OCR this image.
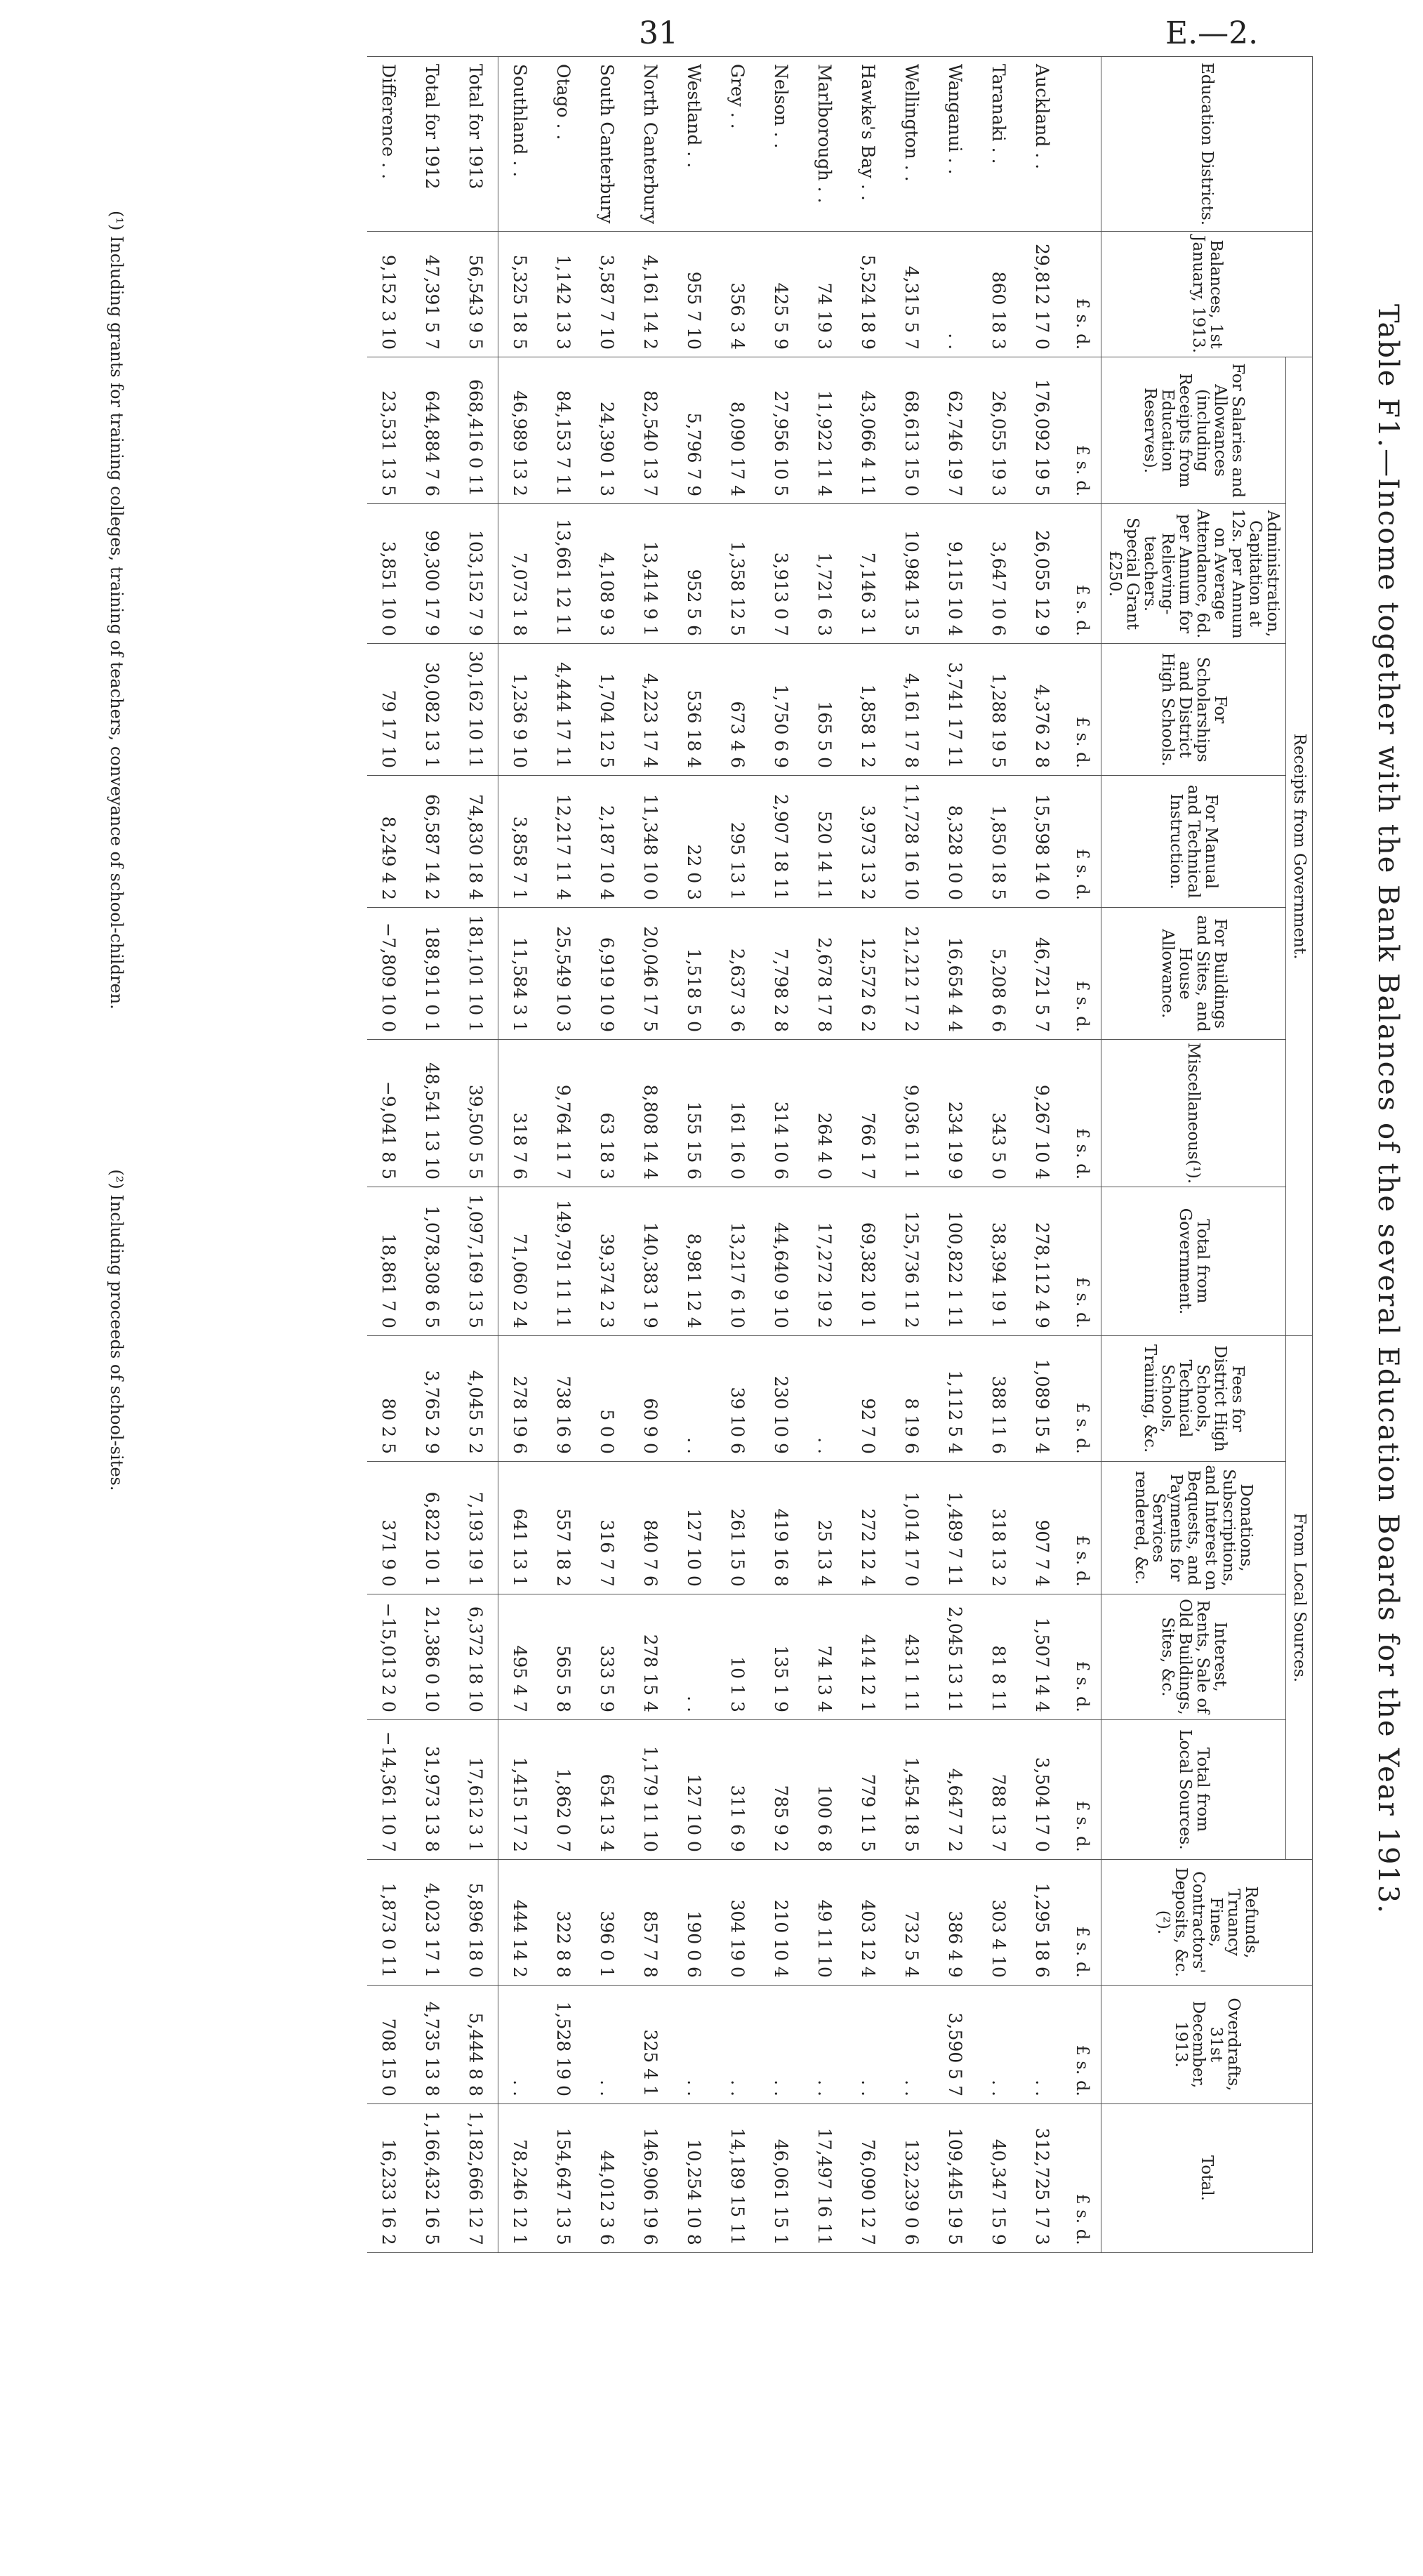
31	E.—2.
Table F1.—Income together with the Bank Balances of the several Education Boards for the Year 1913.
Education Districts.	Balances, 1st January, 1913.	Receipts from Government.							From Local Sources.				Refunds, Truancy Fines, Contractors' Deposits, &c.(²).	Overdrafts, 31st December, 1913.	Total.
		For Salaries and Allowances (including Receipts from Education Reserves).	Administration, Capitation at 12s. per Annum on Average Attendance, 6d. per Annum for Relieving-teachers. Special Grant £250.	For Scholarships and District High Schools.	For Manual and Technical Instruction.	For Buildings and Sites, and House Allowance.	Miscellaneous(¹).	Total from Government.	Fees for District High Schools, Technical Schools, Training, &c.	Donations, Subscriptions, and Interest on Bequests, and Payments for Services rendered, &c.	Interest, Rents, Sale of Old Buildings, Sites, &c.	Total from Local Sources.			
	£ s. d.	£ s. d.	£ s. d.	£ s. d.	£ s. d.	£ s. d.	£ s. d.	£ s. d.	£ s. d.	£ s. d.	£ s. d.	£ s. d.	£ s. d.	£ s. d.	£ s. d.
Auckland . .	29,812 17 0	176,092 19 5	26,055 12 9	4,376 2 8	15,598 14 0	46,721 5 7	9,267 10 4	278,112 4 9	1,089 15 4	907 7 4	1,507 14 4	3,504 17 0	1,295 18 6	. .	312,725 17 3
Taranaki . .	860 18 3	26,055 19 3	3,647 10 6	1,288 19 5	1,850 18 5	5,208 6 6	343 5 0	38,394 19 1	388 11 6	318 13 2	81 8 11	788 13 7	303 4 10	. .	40,347 15 9
Wanganui . .	. .	62,746 19 7	9,115 10 4	3,741 17 11	8,328 10 0	16,654 4 4	234 19 9	100,822 1 11	1,112 5 4	1,489 7 11	2,045 13 11	4,647 7 2	386 4 9	3,590 5 7	109,445 19 5
Wellington . .	4,315 5 7	68,613 15 0	10,984 13 5	4,161 17 8	11,728 16 10	21,212 17 2	9,036 11 1	125,736 11 2	8 19 6	1,014 17 0	431 1 11	1,454 18 5	732 5 4	. .	132,239 0 6
Hawke's Bay . .	5,524 18 9	43,066 4 11	7,146 3 1	1,858 1 2	3,973 13 2	12,572 6 2	766 1 7	69,382 10 1	92 7 0	272 12 4	414 12 1	779 11 5	403 12 4	. .	76,090 12 7
Marlborough . .	74 19 3	11,922 11 4	1,721 6 3	165 5 0	520 14 11	2,678 17 8	264 4 0	17,272 19 2	. .	25 13 4	74 13 4	100 6 8	49 11 10	. .	17,497 16 11
Nelson . .	425 5 9	27,956 10 5	3,913 0 7	1,750 6 9	2,907 18 11	7,798 2 8	314 10 6	44,640 9 10	230 10 9	419 16 8	135 1 9	785 9 2	210 10 4	. .	46,061 15 1
Grey . .	356 3 4	8,090 17 4	1,358 12 5	673 4 6	295 13 1	2,637 3 6	161 16 0	13,217 6 10	39 10 6	261 15 0	10 1 3	311 6 9	304 19 0	. .	14,189 15 11
Westland . .	955 7 10	5,796 7 9	952 5 6	536 18 4	22 0 3	1,518 5 0	155 15 6	8,981 12 4	. .	127 10 0	. .	127 10 0	190 0 6	. .	10,254 10 8
North Canterbury	4,161 14 2	82,540 13 7	13,414 9 1	4,223 17 4	11,348 10 0	20,046 17 5	8,808 14 4	140,383 1 9	60 9 0	840 7 6	278 15 4	1,179 11 10	857 7 8	325 4 1	146,906 19 6
South Canterbury	3,587 7 10	24,390 1 3	4,108 9 3	1,704 12 5	2,187 10 4	6,919 10 9	63 18 3	39,374 2 3	5 0 0	316 7 7	333 5 9	654 13 4	396 0 1	. .	44,012 3 6
Otago . .	1,142 13 3	84,153 7 11	13,661 12 11	4,444 17 11	12,217 11 4	25,549 10 3	9,764 11 7	149,791 11 11	738 16 9	557 18 2	565 5 8	1,862 0 7	322 8 8	1,528 19 0	154,647 13 5
Southland . .	5,325 18 5	46,989 13 2	7,073 1 8	1,236 9 10	3,858 7 1	11,584 3 1	318 7 6	71,060 2 4	278 19 6	641 13 1	495 4 7	1,415 17 2	444 14 2	. .	78,246 12 1
Total for 1913	56,543 9 5	668,416 0 11	103,152 7 9	30,162 10 11	74,830 18 4	181,101 10 1	39,500 5 5	1,097,169 13 5	4,045 5 2	7,193 19 1	6,372 18 10	17,612 3 1	5,896 18 0	5,444 8 8	1,182,666 12 7
Total for 1912	47,391 5 7	644,884 7 6	99,300 17 9	30,082 13 1	66,587 14 2	188,911 0 1	48,541 13 10	1,078,308 6 5	3,765 2 9	6,822 10 1	21,386 0 10	31,973 13 8	4,023 17 1	4,735 13 8	1,166,432 16 5
Difference . .	9,152 3 10	23,531 13 5	3,851 10 0	79 17 10	8,249 4 2	−7,809 10 0	−9,041 8 5	18,861 7 0	80 2 5	371 9 0	−15,013 2 0	−14,361 10 7	1,873 0 11	708 15 0	16,233 16 2
(¹) Including grants for training colleges, training of teachers, conveyance of school-children. (²) Including proceeds of school-sites.
